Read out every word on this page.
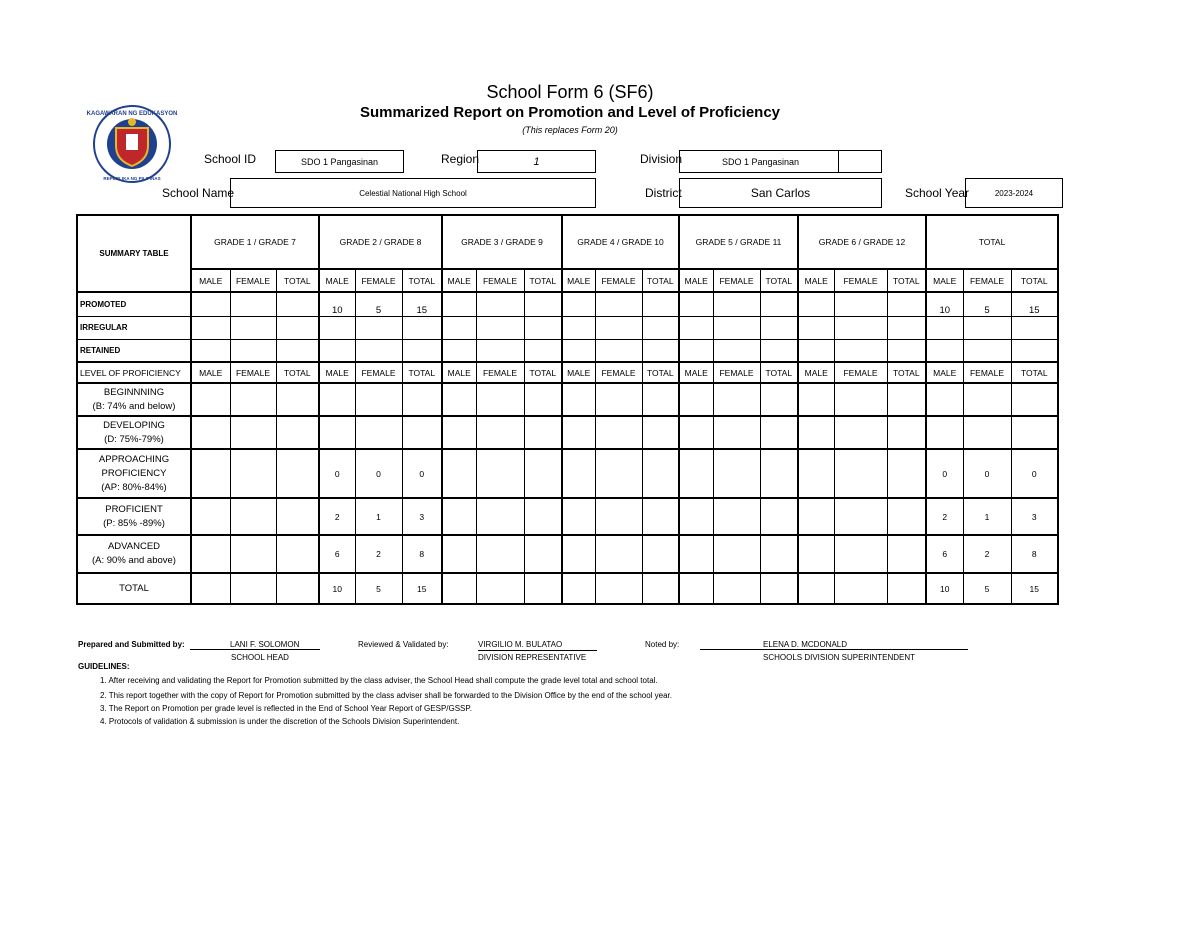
KAGAWARAN NG EDUKASYON
REPUBLIKA NG PILIPINAS
School Form 6 (SF6)
Summarized Report on Promotion and Level of Proficiency
(This replaces Form 20)
School ID	SDO 1 Pangasinan	Region	1	Division	SDO 1 Pangasinan
School Name	Celestial National High School	District	San Carlos	School Year	2023-2024
SUMMARY TABLE	GRADE 1 / GRADE 7			GRADE 2 / GRADE 8			GRADE 3 / GRADE 9			GRADE 4 / GRADE 10			GRADE 5 / GRADE 11			GRADE 6 / GRADE 12			TOTAL		
	MALE	FEMALE	TOTAL	MALE	FEMALE	TOTAL	MALE	FEMALE	TOTAL	MALE	FEMALE	TOTAL	MALE	FEMALE	TOTAL	MALE	FEMALE	TOTAL	MALE	FEMALE	TOTAL
PROMOTED				10	5	15													10	5	15
IRREGULAR																					
RETAINED																					
LEVEL OF PROFICIENCY	MALE	FEMALE	TOTAL	MALE	FEMALE	TOTAL	MALE	FEMALE	TOTAL	MALE	FEMALE	TOTAL	MALE	FEMALE	TOTAL	MALE	FEMALE	TOTAL	MALE	FEMALE	TOTAL

BEGINNNING
(B: 74% and below)																					

DEVELOPING
(D: 75%-79%)																					

APPROACHING
PROFICIENCY
(AP: 80%-84%)				0	0	0													0	0	0

PROFICIENT
(P: 85% -89%)				2	1	3													2	1	3

ADVANCED
(A: 90% and above)				6	2	8													6	2	8

TOTAL				10	5	15													10	5	15
Prepared and Submitted by:	LANI F. SOLOMON
SCHOOL HEAD
Reviewed & Validated by:	VIRGILIO M. BULATAO
DIVISION REPRESENTATIVE
Noted by:	ELENA D. MCDONALD
SCHOOLS DIVISION SUPERINTENDENT
GUIDELINES:
1. After receiving and validating the Report for Promotion submitted by the class adviser, the School Head shall compute the grade level total and school total.
2. This report together with the copy of Report for Promotion submitted by the class adviser shall be forwarded to the Division Office by the end of the school year.
3. The Report on Promotion per grade level is reflected in the End of School Year Report of GESP/GSSP.
4. Protocols of validation & submission is under the discretion of the Schools Division Superintendent.
